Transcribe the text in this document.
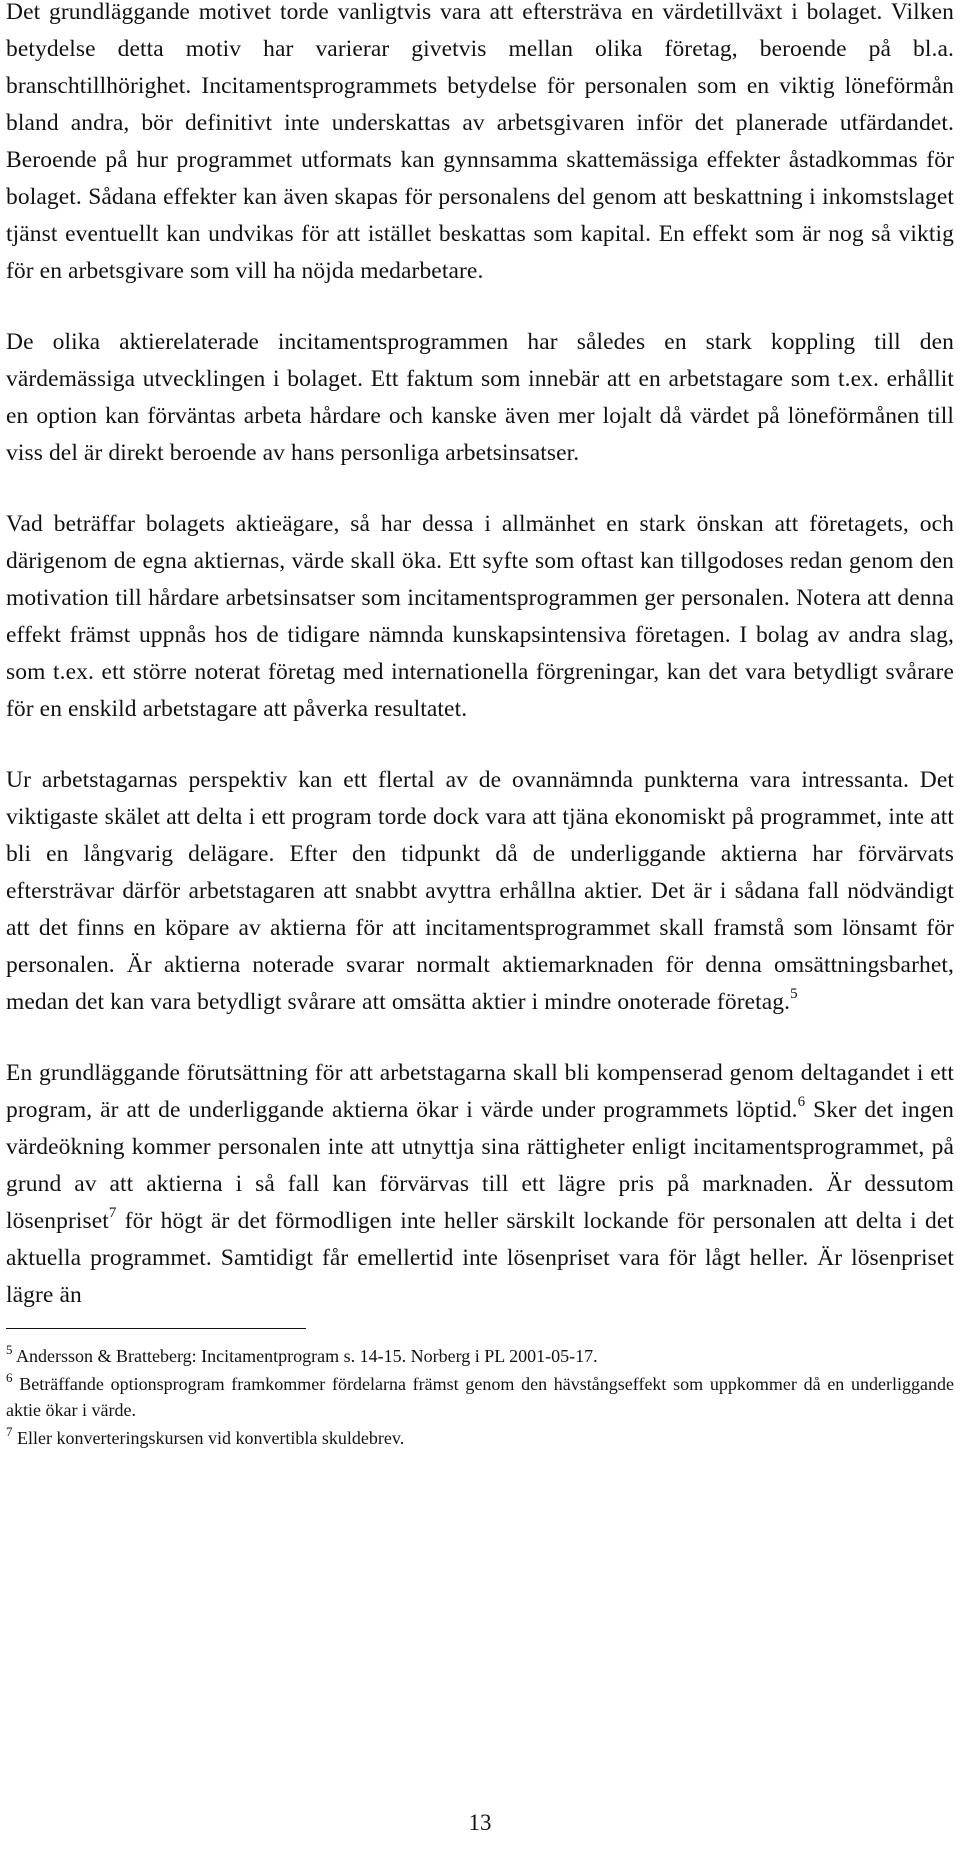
Det grundläggande motivet torde vanligtvis vara att eftersträva en värdetillväxt i bolaget. Vilken betydelse detta motiv har varierar givetvis mellan olika företag, beroende på bl.a. branschtillhörighet. Incitamentsprogrammets betydelse för personalen som en viktig löneförmån bland andra, bör definitivt inte underskattas av arbetsgivaren inför det planerade utfärdandet. Beroende på hur programmet utformats kan gynnsamma skattemässiga effekter åstadkommas för bolaget. Sådana effekter kan även skapas för personalens del genom att beskattning i inkomstslaget tjänst eventuellt kan undvikas för att istället beskattas som kapital. En effekt som är nog så viktig för en arbetsgivare som vill ha nöjda medarbetare.

De olika aktierelaterade incitamentsprogrammen har således en stark koppling till den värdemässiga utvecklingen i bolaget. Ett faktum som innebär att en arbetstagare som t.ex. erhållit en option kan förväntas arbeta hårdare och kanske även mer lojalt då värdet på löneförmånen till viss del är direkt beroende av hans personliga arbetsinsatser.

Vad beträffar bolagets aktieägare, så har dessa i allmänhet en stark önskan att företagets, och därigenom de egna aktiernas, värde skall öka. Ett syfte som oftast kan tillgodoses redan genom den motivation till hårdare arbetsinsatser som incitamentsprogrammen ger personalen. Notera att denna effekt främst uppnås hos de tidigare nämnda kunskapsintensiva företagen. I bolag av andra slag, som t.ex. ett större noterat företag med internationella förgreningar, kan det vara betydligt svårare för en enskild arbetstagare att påverka resultatet.

Ur arbetstagarnas perspektiv kan ett flertal av de ovannämnda punkterna vara intressanta. Det viktigaste skälet att delta i ett program torde dock vara att tjäna ekonomiskt på programmet, inte att bli en långvarig delägare. Efter den tidpunkt då de underliggande aktierna har förvärvats eftersträvar därför arbetstagaren att snabbt avyttra erhållna aktier. Det är i sådana fall nödvändigt att det finns en köpare av aktierna för att incitamentsprogrammet skall framstå som lönsamt för personalen. Är aktierna noterade svarar normalt aktiemarknaden för denna omsättningsbarhet, medan det kan vara betydligt svårare att omsätta aktier i mindre onoterade företag.$^5$

En grundläggande förutsättning för att arbetstagarna skall bli kompenserad genom deltagandet i ett program, är att de underliggande aktierna ökar i värde under programmets löptid.$^6$ Sker det ingen värdeökning kommer personalen inte att utnyttja sina rättigheter enligt incitamentsprogrammet, på grund av att aktierna i så fall kan förvärvas till ett lägre pris på marknaden. Är dessutom lösenpriset$^7$ för högt är det förmodligen inte heller särskilt lockande för personalen att delta i det aktuella programmet. Samtidigt får emellertid inte lösenpriset vara för lågt heller. Är lösenpriset lägre än

$^5$ Andersson & Bratteberg: Incitamentprogram s. 14-15. Norberg i PL 2001-05-17.

$^6$ Beträffande optionsprogram framkommer fördelarna främst genom den hävstångseffekt som uppkommer då en underliggande aktie ökar i värde.

$^7$ Eller konverteringskursen vid konvertibla skuldebrev.

13
